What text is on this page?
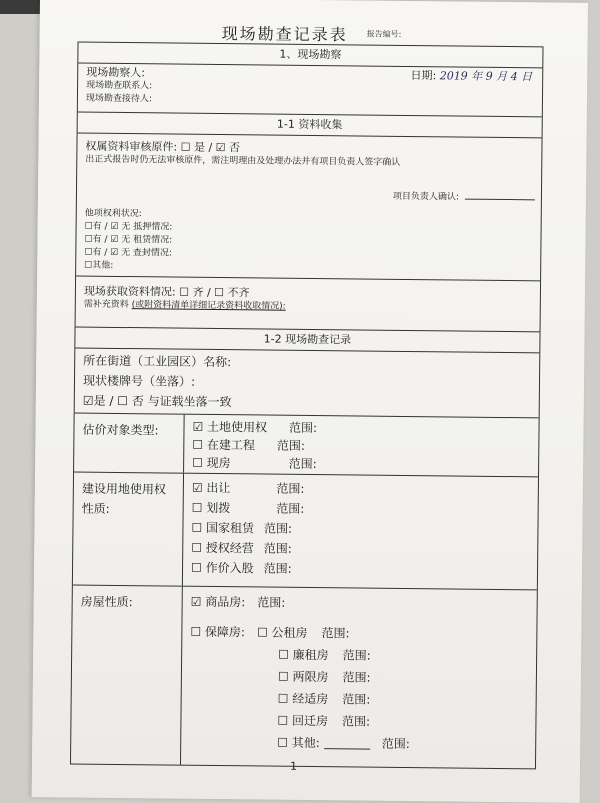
现场勘查记录表 报告编号:
1、现场勘察
现场勘察人:	日期: 2019 年 9 月 4 日
现场勘查联系人:
现场勘查接待人:
1-1 资料收集
权属资料审核原件: ☐ 是 / ☑ 否
出正式报告时仍无法审核原件，需注明理由及处理办法并有项目负责人签字确认
项目负责人确认:
他项权利状况:
☐有 / ☑ 无 抵押情况:
☐有 / ☑ 无 租赁情况:
☐有 / ☑ 无 查封情况:
☐其他:
现场获取资料情况: ☐ 齐 / ☐ 不齐
需补充资料 (或附资料清单详细记录资料收取情况):
1-2 现场勘查记录
所在街道（工业园区）名称:
现状楼牌号（坐落）:
☑是 / ☐ 否 与证载坐落一致
估价对象类型:	☑ 土地使用权 范围:
☐ 在建工程 范围:
☐ 现房	范围:
建设用地使用权性质:
☑ 出让	范围:
☐ 划拨	范围:
☐ 国家租赁 范围:
☐ 授权经营 范围:
☐ 作价入股 范围:
房屋性质:	☑ 商品房: 范围:
☐ 保障房: ☐ 公租房 范围:
☐ 廉租房 范围:
☐ 两限房 范围:
☐ 经适房 范围:
☐ 回迁房 范围:
☐ 其他:	范围:
1
